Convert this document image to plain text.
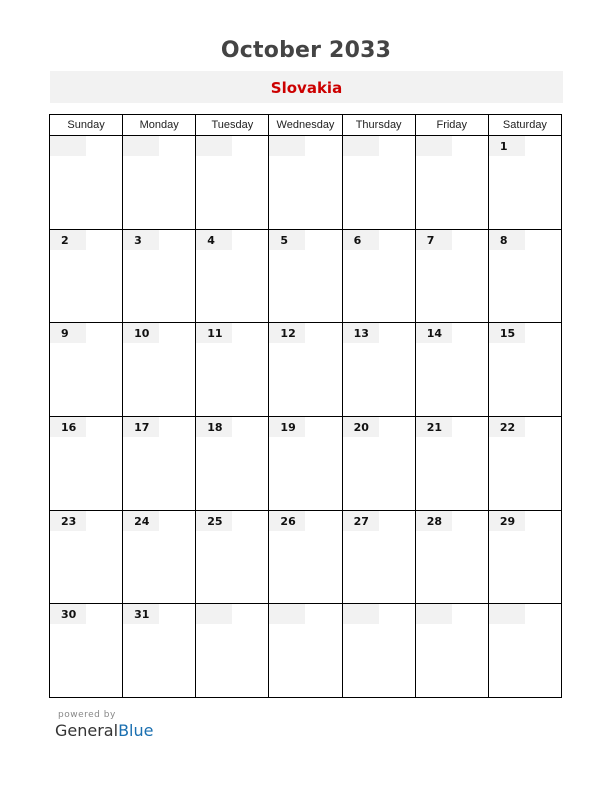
October 2033
Slovakia
Sunday	Monday	Tuesday	Wednesday	Thursday	Friday	Saturday

						1

2	3	4	5	6	7	8

9	10	11	12	13	14	15

16	17	18	19	20	21	22

23	24	25	26	27	28	29

30	31					

powered by
GeneralBlue
